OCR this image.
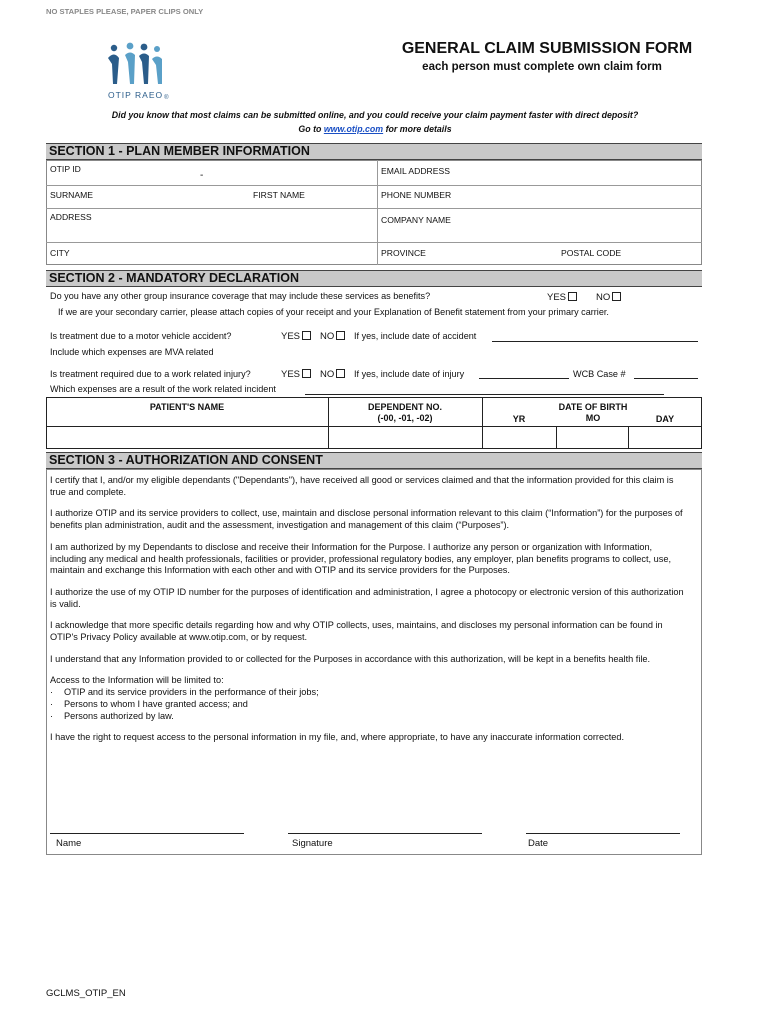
NO STAPLES PLEASE, PAPER CLIPS ONLY
OTIP RAEO®
GENERAL CLAIM SUBMISSION FORM
each person must complete own claim form
Did you know that most claims can be submitted online, and you could receive your claim payment faster with direct deposit?
Go to www.otip.com for more details
SECTION 1 - PLAN MEMBER INFORMATION
OTIP ID
-	EMAIL ADDRESS
SURNAME	FIRST NAME	PHONE NUMBER
ADDRESS	COMPANY NAME
CITY	PROVINCE	POSTAL CODE
SECTION 2 - MANDATORY DECLARATION
Do you have any other group insurance coverage that may include these services as benefits?	YES	NO
If we are your secondary carrier, please attach copies of your receipt and your Explanation of Benefit statement from your primary carrier.
Is treatment due to a motor vehicle accident?	YES	NO	If yes, include date of accident
Include which expenses are MVA related
Is treatment required due to a work related injury?	YES	NO	If yes, include date of injury	WCB Case #
Which expenses are a result of the work related incident
PATIENT'S NAME	DEPENDENT NO.
(-00, -01, -02)
DATE OF BIRTH
YR	MO	DAY
SECTION 3 - AUTHORIZATION AND CONSENT

I certify that I, and/or my eligible dependants ("Dependants"), have received all good or services claimed and that the information provided for this claim is true and complete.

I authorize OTIP and its service providers to collect, use, maintain and disclose personal information relevant to this claim (“Information”) for the purposes of benefits plan administration, audit and the assessment, investigation and management of this claim (“Purposes”).

I am authorized by my Dependants to disclose and receive their Information for the Purpose. I authorize any person or organization with Information, including any medical and health professionals, facilities or provider, professional regulatory bodies, any employer, plan benefits programs to collect, use, maintain and exchange this Information with each other and with OTIP and its service providers for the Purposes.

I authorize the use of my OTIP ID number for the purposes of identification and administration, I agree a photocopy or electronic version of this authorization is valid.

I acknowledge that more specific details regarding how and why OTIP collects, uses, maintains, and discloses my personal information can be found in OTIP's Privacy Policy available at www.otip.com, or by request.

I understand that any Information provided to or collected for the Purposes in accordance with this authorization, will be kept in a benefits health file.

Access to the Information will be limited to:

· OTIP and its service providers in the performance of their jobs;

· Persons to whom I have granted access; and

· Persons authorized by law.

I have the right to request access to the personal information in my file, and, where appropriate, to have any inaccurate information corrected.

Name	Signature	Date
GCLMS_OTIP_EN
